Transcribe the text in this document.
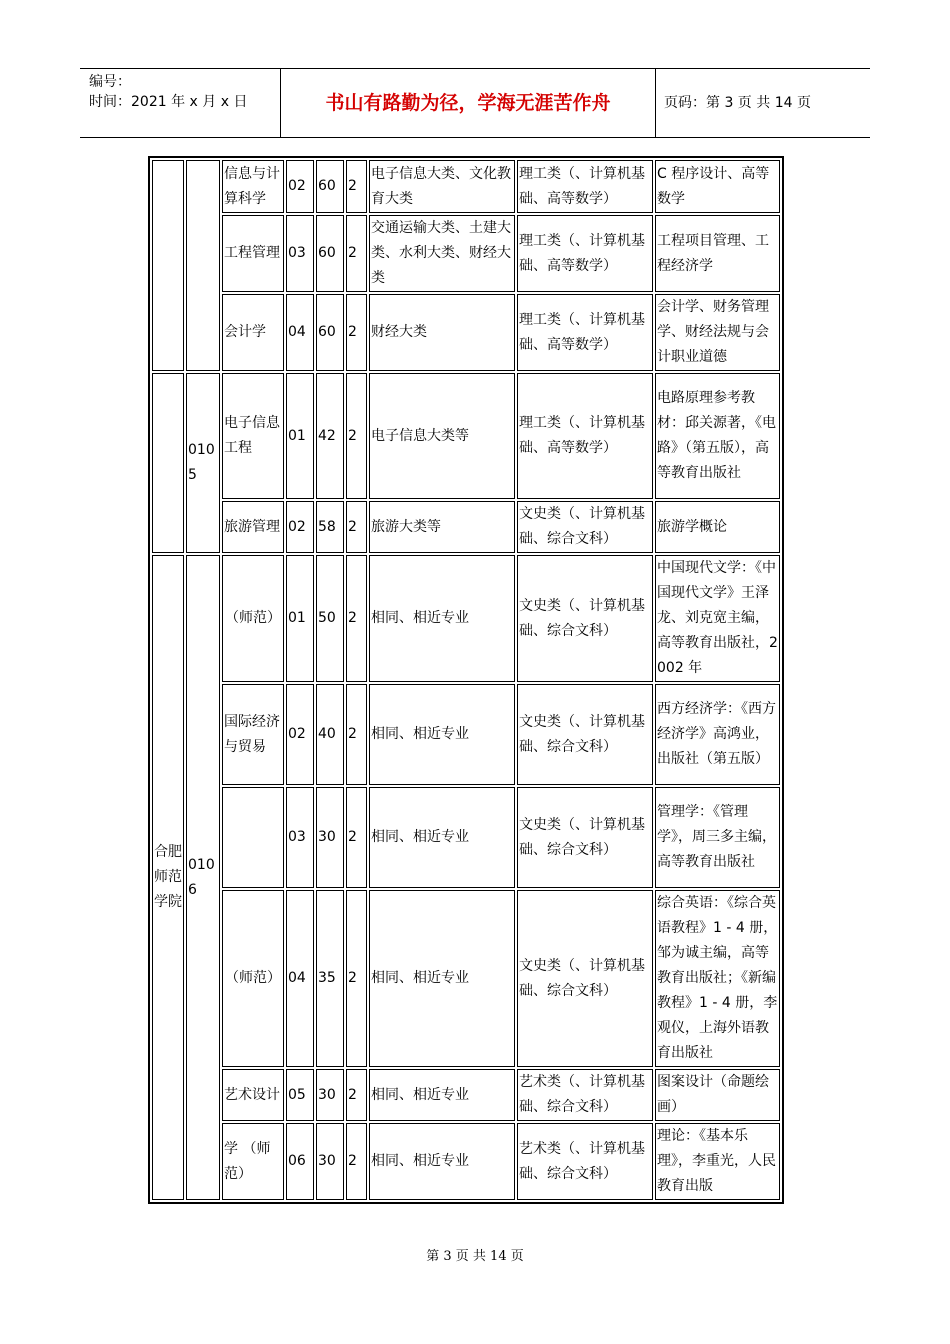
编号：
时间：2021 年 x 月 x 日	书山有路勤为径，学海无涯苦作舟	页码：第 3 页 共 14 页
		信息与计算科学	02	60	2	电子信息大类、文化教育大类	理工类（、计算机基础、高等数学）	C 程序设计、高等数学
		工程管理	03	60	2	交通运输大类、土建大类、水利大类、财经大类	理工类（、计算机基础、高等数学）	工程项目管理、工程经济学
		会计学	04	60	2	财经大类	理工类（、计算机基础、高等数学）	会计学、财务管理学、财经法规与会计职业道德
	0105	电子信息工程	01	42	2	电子信息大类等	理工类（、计算机基础、高等数学）	电路原理参考教材：邱关源著，《电路》（第五版），高等教育出版社
		旅游管理	02	58	2	旅游大类等	文史类（、计算机基础、综合文科）	旅游学概论
合肥师范学院	0106	（师范）	01	50	2	相同、相近专业	文史类（、计算机基础、综合文科）	中国现代文学：《中国现代文学》王泽龙、刘克宽主编，高等教育出版社，2002 年
		国际经济与贸易	02	40	2	相同、相近专业	文史类（、计算机基础、综合文科）	西方经济学：《西方经济学》高鸿业，出版社（第五版）
			03	30	2	相同、相近专业	文史类（、计算机基础、综合文科）	管理学：《管理学》，周三多主编，高等教育出版社
		（师范）	04	35	2	相同、相近专业	文史类（、计算机基础、综合文科）	综合英语：《综合英语教程》1 - 4 册，邹为诚主编，高等教育出版社；《新编教程》1 - 4 册，李观仪，上海外语教育出版社
		艺术设计	05	30	2	相同、相近专业	艺术类（、计算机基础、综合文科）	图案设计（命题绘画）
		学 （师范）	06	30	2	相同、相近专业	艺术类（、计算机基础、综合文科）	理论：《基本乐理》，李重光，人民教育出版
第 3 页 共 14 页
